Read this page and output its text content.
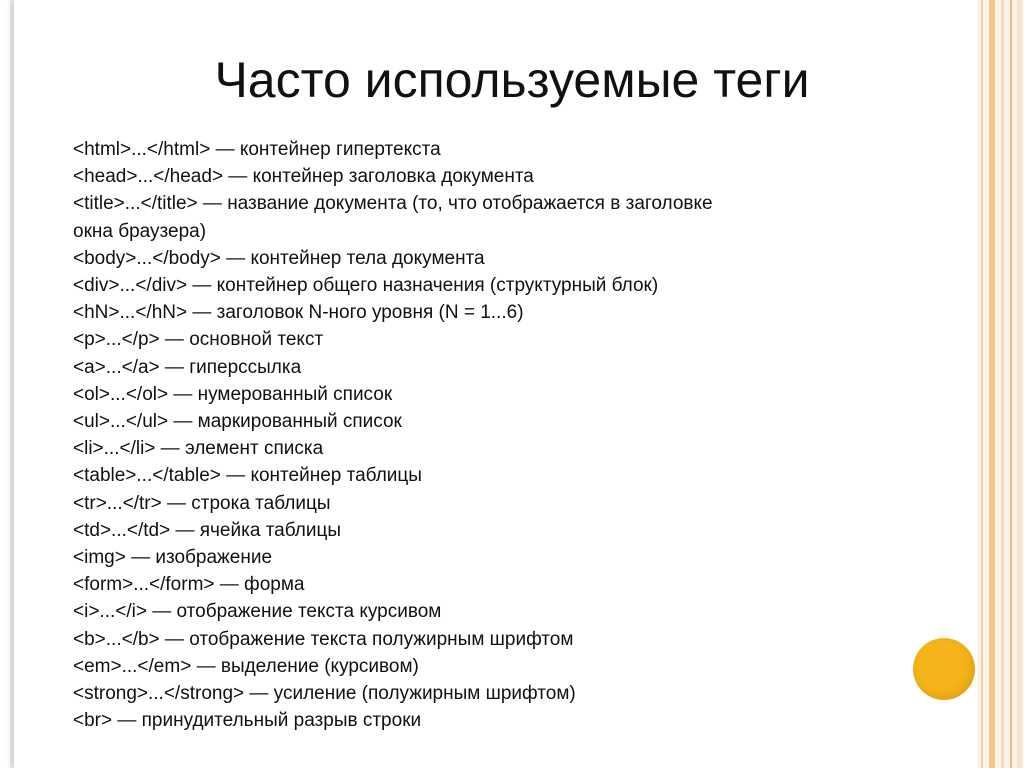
Часто используемые теги
<html>...</html> — контейнер гипертекста
<head>...</head> — контейнер заголовка документа
<title>...</title> — название документа (то, что отображается в заголовке
окна браузера)
<body>...</body> — контейнер тела документа
<div>...</div> — контейнер общего назначения (структурный блок)
<hN>...</hN> — заголовок N-ного уровня (N = 1...6)
<p>...</p> — основной текст
<a>...</a> — гиперссылка
<ol>...</ol> — нумерованный список
<ul>...</ul> — маркированный список
<li>...</li> — элемент списка
<table>...</table> — контейнер таблицы
<tr>...</tr> — строка таблицы
<td>...</td> — ячейка таблицы
<img> — изображение
<form>...</form> — форма
<i>...</i> — отображение текста курсивом
<b>...</b> — отображение текста полужирным шрифтом
<em>...</em> — выделение (курсивом)
<strong>...</strong> — усиление (полужирным шрифтом)
<br> — принудительный разрыв строки
